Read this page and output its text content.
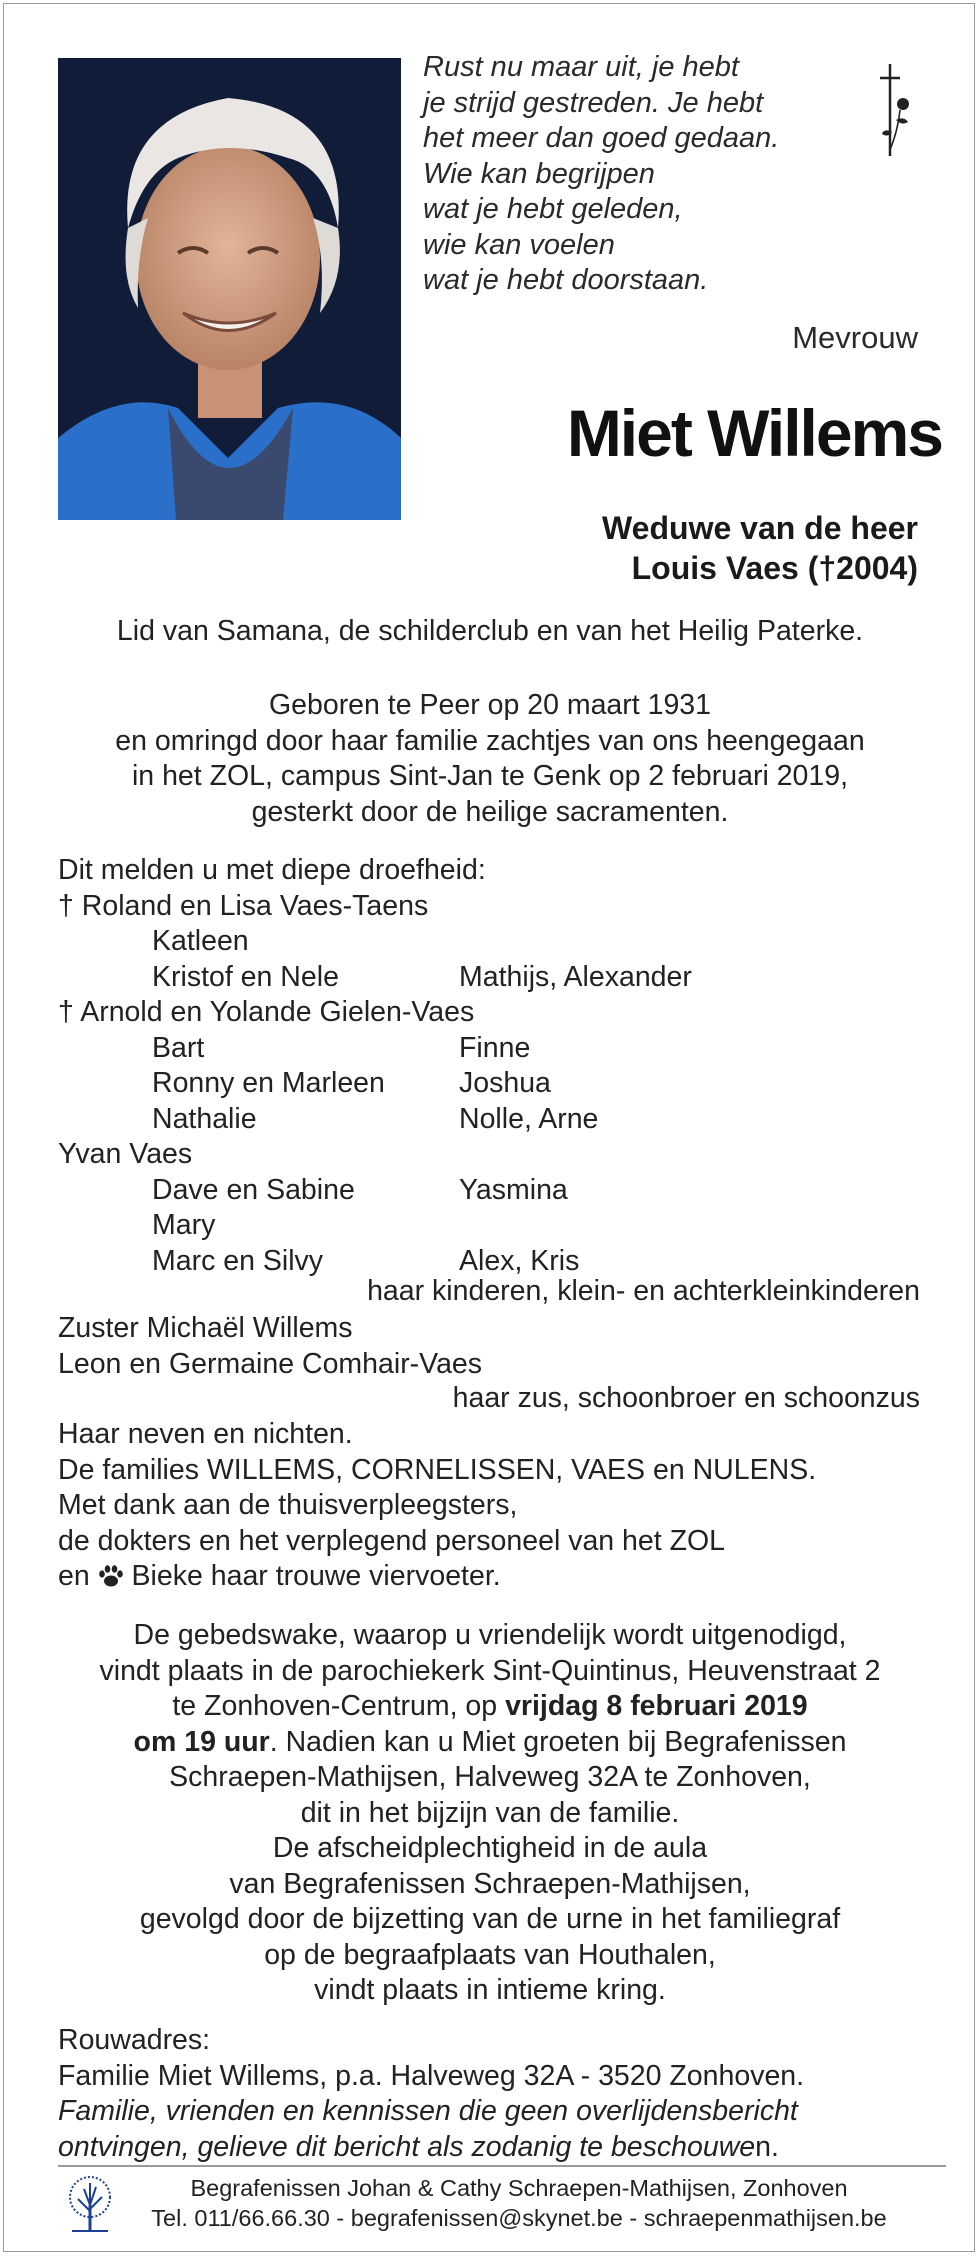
Rust nu maar uit, je hebt
je strijd gestreden. Je hebt
het meer dan goed gedaan.
Wie kan begrijpen
wat je hebt geleden,
wie kan voelen
wat je hebt doorstaan.
Mevrouw
Miet Willems
Weduwe van de heer
Louis Vaes (†2004)
Lid van Samana, de schilderclub en van het Heilig Paterke.
Geboren te Peer op 20 maart 1931
en omringd door haar familie zachtjes van ons heengegaan
in het ZOL, campus Sint-Jan te Genk op 2 februari 2019,
gesterkt door de heilige sacramenten.
Dit melden u met diepe droefheid:
† Roland en Lisa Vaes-Taens
Katleen
Kristof en Nele	Mathijs, Alexander
† Arnold en Yolande Gielen-Vaes
Bart	Finne
Ronny en Marleen	Joshua
Nathalie	Nolle, Arne
Yvan Vaes
Dave en Sabine	Yasmina
Mary
Marc en Silvy	Alex, Kris
haar kinderen, klein- en achterkleinkinderen
Zuster Michaël Willems
Leon en Germaine Comhair-Vaes
haar zus, schoonbroer en schoonzus
Haar neven en nichten.
De families WILLEMS, CORNELISSEN, VAES en NULENS.
Met dank aan de thuisverpleegsters,
de dokters en het verplegend personeel van het ZOL
en Bieke haar trouwe viervoeter.
De gebedswake, waarop u vriendelijk wordt uitgenodigd,
vindt plaats in de parochiekerk Sint-Quintinus, Heuvenstraat 2
te Zonhoven-Centrum, op vrijdag 8 februari 2019
om 19 uur. Nadien kan u Miet groeten bij Begrafenissen
Schraepen-Mathijsen, Halveweg 32A te Zonhoven,
dit in het bijzijn van de familie.
De afscheidplechtigheid in de aula
van Begrafenissen Schraepen-Mathijsen,
gevolgd door de bijzetting van de urne in het familiegraf
op de begraafplaats van Houthalen,
vindt plaats in intieme kring.
Rouwadres:
Familie Miet Willems, p.a. Halveweg 32A - 3520 Zonhoven.
Familie, vrienden en kennissen die geen overlijdensbericht
ontvingen, gelieve dit bericht als zodanig te beschouwen.
Begrafenissen Johan & Cathy Schraepen-Mathijsen, Zonhoven
Tel. 011/66.66.30 - begrafenissen@skynet.be - schraepenmathijsen.be
